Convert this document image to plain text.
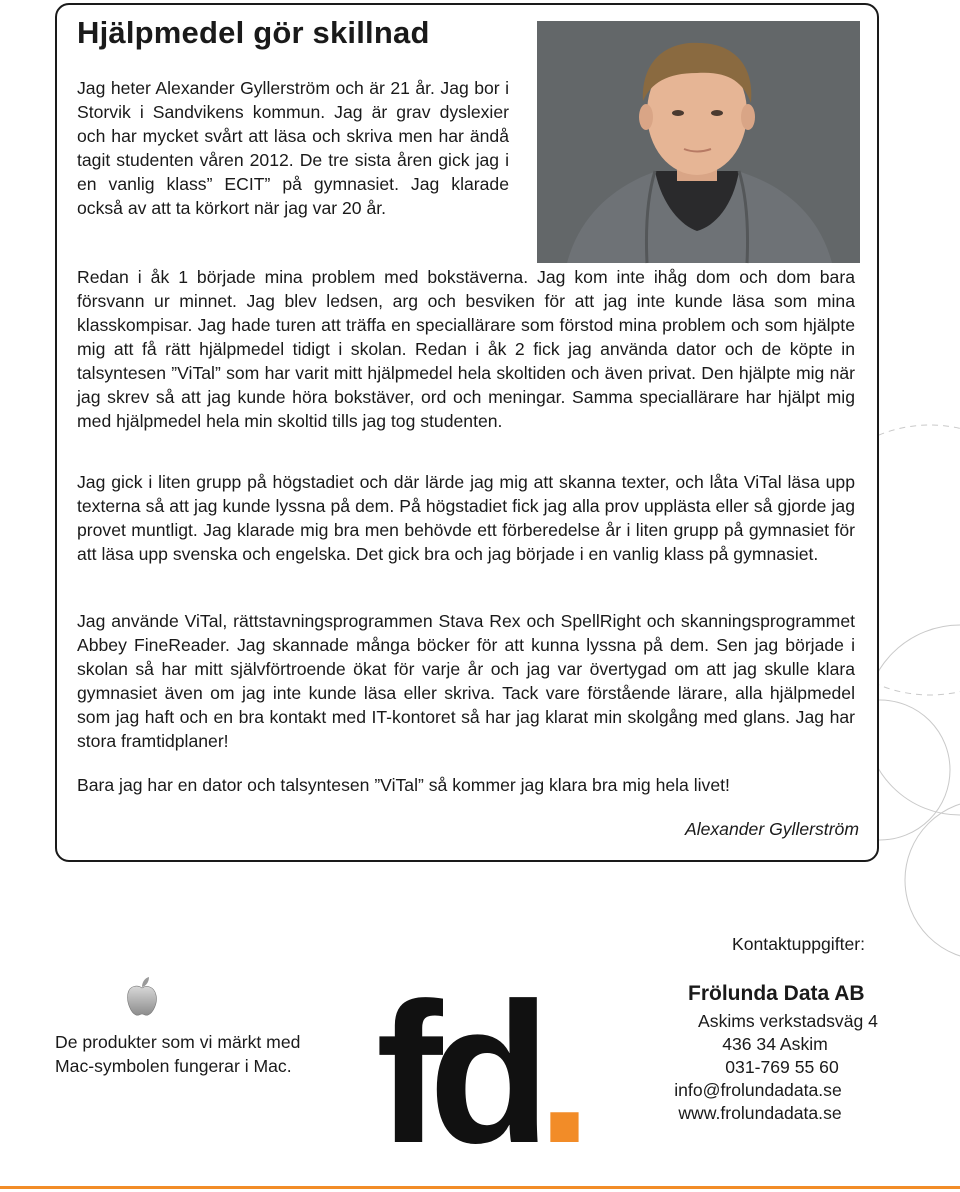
Hjälpmedel gör skillnad

Jag heter Alexander Gyllerström och är 21 år. Jag bor i Storvik i Sandvikens kommun. Jag är grav dyslexier och har mycket svårt att läsa och skriva men har ändå tagit studenten våren 2012. De tre sista åren gick jag i en vanlig klass” ECIT” på gymnasiet. Jag klarade också av att ta körkort när jag var 20 år.

Redan i åk 1 började mina problem med bokstäverna. Jag kom inte ihåg dom och dom bara försvann ur minnet. Jag blev ledsen, arg och besviken för att jag inte kunde läsa som mina klasskompisar. Jag hade turen att träffa en speciallärare som förstod mina problem och som hjälpte mig att få rätt hjälpmedel tidigt i skolan. Redan i åk 2 fick jag använda dator och de köpte in talsyntesen ”ViTal” som har varit mitt hjälpmedel hela skoltiden och även privat. Den hjälpte mig när jag skrev så att jag kunde höra bokstäver, ord och meningar. Samma speciallärare har hjälpt mig med hjälpmedel hela min skoltid tills jag tog studenten.

Jag gick i liten grupp på högstadiet och där lärde jag mig att skanna texter, och låta ViTal läsa upp texterna så att jag kunde lyssna på dem. På högstadiet fick jag alla prov upplästa eller så gjorde jag provet muntligt. Jag klarade mig bra men behövde ett förberedelse år i liten grupp på gymnasiet för att läsa upp svenska och engelska. Det gick bra och jag började i en vanlig klass på gymnasiet.

Jag använde ViTal, rättstavningsprogrammen Stava Rex och SpellRight och skanningsprogrammet Abbey FineReader. Jag skannade många böcker för att kunna lyssna på dem. Sen jag började i skolan så har mitt självförtroende ökat för varje år och jag var övertygad om att jag skulle klara gymnasiet även om jag inte kunde läsa eller skriva. Tack vare förstående lärare, alla hjälpmedel som jag haft och en bra kontakt med IT-kontoret så har jag klarat min skolgång med glans. Jag har stora framtidplaner!

Bara jag har en dator och talsyntesen ”ViTal” så kommer jag klara bra mig hela livet!

Alexander Gyllerström

De produkter som vi märkt med Mac-symbolen fungerar i Mac. fd.

Kontaktuppgifter:

Frölunda Data AB

Askims verkstadsväg 4

436 34 Askim

031-769 55 60

info@frolundadata.se

www.frolundadata.se
